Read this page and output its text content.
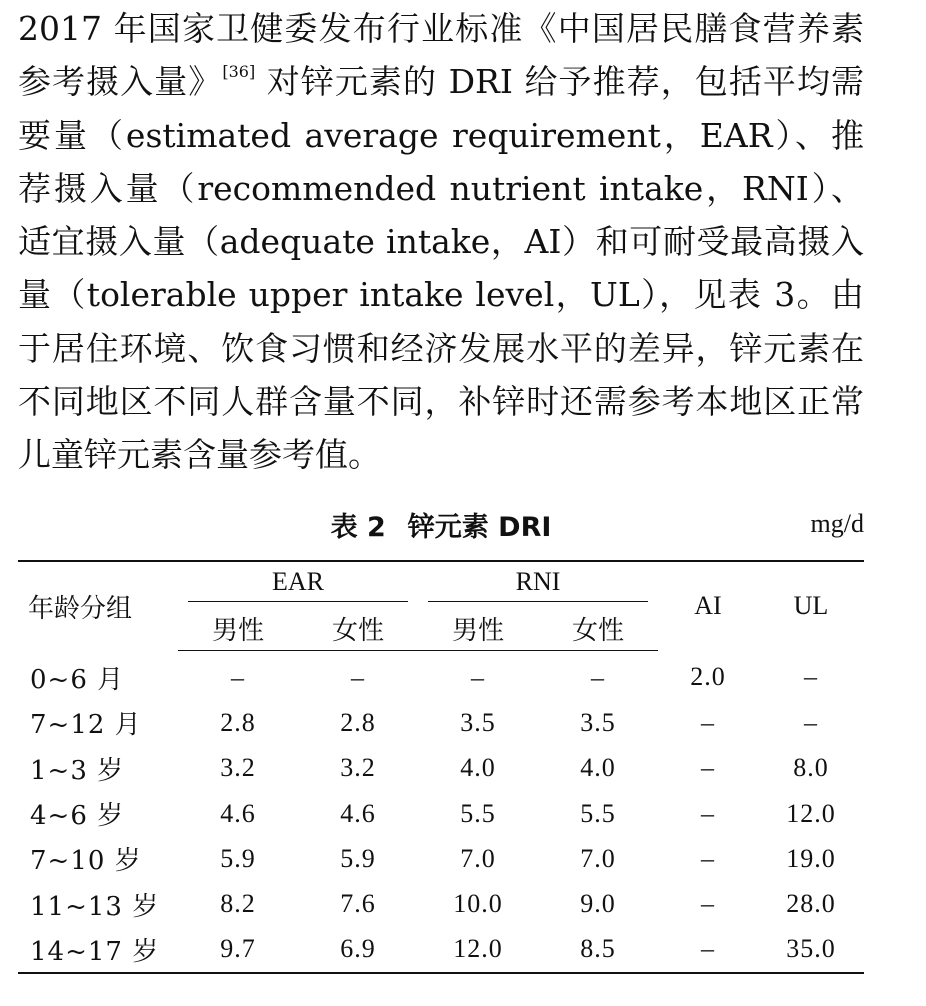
2017 年国家卫健委发布行业标准《中国居民膳食营养素参考摄入量》[36] 对锌元素的 DRI 给予推荐，包括平均需要量（estimated average requirement，EAR）、推荐摄入量（recommended nutrient intake，RNI）、适宜摄入量（adequate intake，AI）和可耐受最高摄入量（tolerable upper intake level，UL），见表 3。由于居住环境、饮食习惯和经济发展水平的差异，锌元素在不同地区不同人群含量不同，补锌时还需参考本地区正常儿童锌元素含量参考值。
表 2 锌元素 DRI	mg/d
年龄分组	EAR		RNI		AI	UL
	男性	女性	男性	女性		
0~6 月	–	–	–	–	2.0	–
7~12 月	2.8	2.8	3.5	3.5	–	–
1~3 岁	3.2	3.2	4.0	4.0	–	8.0
4~6 岁	4.6	4.6	5.5	5.5	–	12.0
7~10 岁	5.9	5.9	7.0	7.0	–	19.0
11~13 岁	8.2	7.6	10.0	9.0	–	28.0
14~17 岁	9.7	6.9	12.0	8.5	–	35.0
